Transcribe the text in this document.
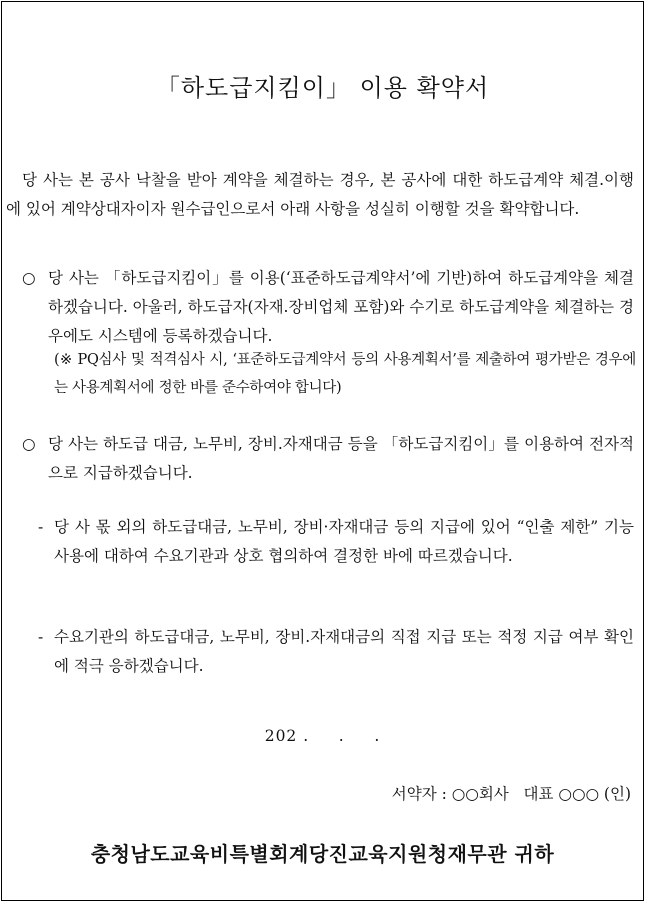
「하도급지킴이」 이용 확약서
당 사는 본 공사 낙찰을 받아 계약을 체결하는 경우, 본 공사에 대한 하도급계약 체결.이행에 있어 계약상대자이자 원수급인으로서 아래 사항을 성실히 이행할 것을 확약합니다.
○ 당 사는 「하도급지킴이」를 이용(‘표준하도급계약서’에 기반)하여 하도급계약을 체결하겠습니다. 아울러, 하도급자(자재.장비업체 포함)와 수기로 하도급계약을 체결하는 경우에도 시스템에 등록하겠습니다.
(※ PQ심사 및 적격심사 시, ‘표준하도급계약서 등의 사용계획서’를 제출하여 평가받은 경우에는 사용계획서에 정한 바를 준수하여야 합니다)
○ 당 사는 하도급 대금, 노무비, 장비.자재대금 등을 「하도급지킴이」를 이용하여 전자적으로 지급하겠습니다.
- 당 사 몫 외의 하도급대금, 노무비, 장비·자재대금 등의 지급에 있어 “인출 제한” 기능사용에 대하여 수요기관과 상호 협의하여 결정한 바에 따르겠습니다.
- 수요기관의 하도급대금, 노무비, 장비.자재대금의 직접 지급 또는 적정 지급 여부 확인에 적극 응하겠습니다.
202 .     .     .
서약자 : ○○회사   대표 ○○○ (인)
충청남도교육비특별회계당진교육지원청재무관 귀하
